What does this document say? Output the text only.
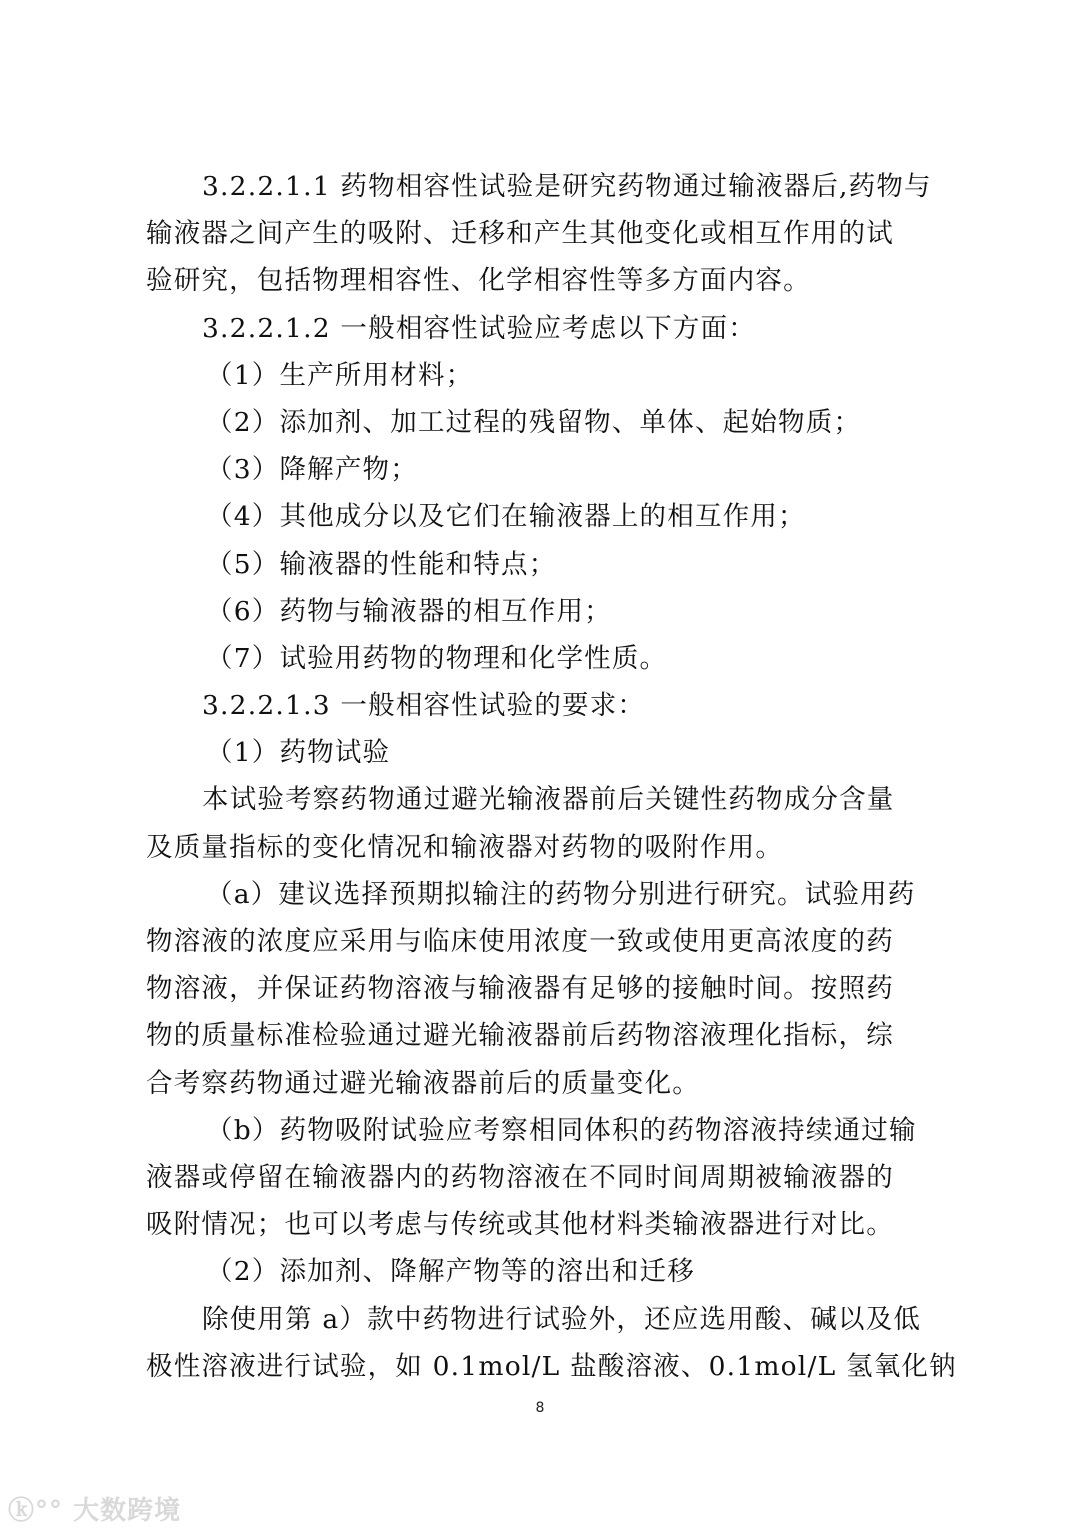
3.2.2.1.1 药物相容性试验是研究药物通过输液器后,药物与
输液器之间产生的吸附、迁移和产生其他变化或相互作用的试
验研究，包括物理相容性、化学相容性等多方面内容。
3.2.2.1.2 一般相容性试验应考虑以下方面：
（1）生产所用材料；
（2）添加剂、加工过程的残留物、单体、起始物质；
（3）降解产物；
（4）其他成分以及它们在输液器上的相互作用；
（5）输液器的性能和特点；
（6）药物与输液器的相互作用；
（7）试验用药物的物理和化学性质。
3.2.2.1.3 一般相容性试验的要求：
（1）药物试验
本试验考察药物通过避光输液器前后关键性药物成分含量
及质量指标的变化情况和输液器对药物的吸附作用。
（a）建议选择预期拟输注的药物分别进行研究。试验用药
物溶液的浓度应采用与临床使用浓度一致或使用更高浓度的药
物溶液，并保证药物溶液与输液器有足够的接触时间。按照药
物的质量标准检验通过避光输液器前后药物溶液理化指标，综
合考察药物通过避光输液器前后的质量变化。
（b）药物吸附试验应考察相同体积的药物溶液持续通过输
液器或停留在输液器内的药物溶液在不同时间周期被输液器的
吸附情况；也可以考虑与传统或其他材料类输液器进行对比。
（2）添加剂、降解产物等的溶出和迁移
除使用第 a）款中药物进行试验外，还应选用酸、碱以及低
极性溶液进行试验，如 0.1mol/L 盐酸溶液、0.1mol/L 氢氧化钠
8
ⓚ°° 大数跨境
